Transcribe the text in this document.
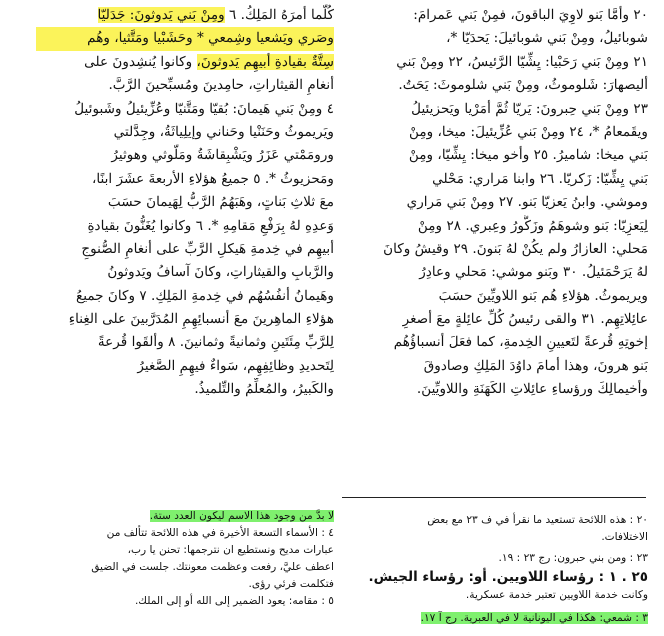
٢٠ وأمَّا بَنو لاوِيَ الباقونَ، فمِنْ بَني عَمرامَ:
شوبائيلُ، ومِنْ بَني شوبائيلَ: يَحدَيّا *،
٢١ ومِنْ بَني رَحَبْيا: يِشِّيّا الرَّئيسُ، ٢٢ ومِنْ بَني
أليصهارَ: شَلوموثُ، ومِنْ بَني شلوموثَ: يَحَتُ.
٢٣ ومِنْ بَني حِبرونَ: يَريّا ثُمَّ أمَرْيا ويَحزيئيلُ
ويقَمعامُ *، ٢٤ ومِنْ بَني عُزِّيئيلَ: ميخا، ومِنْ
بَني ميخا: شاميرُ. ٢٥ وأخو ميخا: يِشِّيّا، ومِنْ
بَني يِشِّيّا: زَكريّا. ٢٦ وابنا مَراري: مَحْلي
وموشي. وابنُ يَعزيّا بَنو. ٢٧ ومِنْ بَني مَراري
لِيَعزِيّا: بَنو وشوهَمُ وزَكُّورُ وعِبري. ٢٨ ومِنْ
مَحلي: العازارُ ولم يكُنْ لهُ بَنونَ. ٢٩ وقيشُ وكانَ
لهُ يَرَحْمَئيلُ. ٣٠ وبَنو موشي: مَحلي وعادِرُ
ويريموثُ. هؤلاءِ هُم بَنو اللاويِّينَ حسَبَ
عائِلاتِهِم. ٣١ والقى رئيسُ كُلِّ عائِلةٍ معَ أصغرِ
إخوتِهِ قُرعةً لتَعيينِ الخِدمةِ، كما فعَلَ أنسباؤُهُم
بَنو هرونَ، وهذا أمامَ داوُدَ المَلِكِ وصادوقَ
وأخيمالِكَ ورؤساءِ عائِلاتِ الكَهَنَةِ واللاويِّينَ.
كُلَّما أمرَهُ المَلِكُ. ٦ ومِنْ بَني يَدوثونَ: جَدَليّا
وصَري ويَشعيا وشِمعي * وحَشَبْيا ومَتَّثيا، وهُم
سِتَّةٌ بقيادةِ أبيهِم يَدوثونَ، وكانوا يُنشِدونَ على
أنغامِ القيثاراتِ، حامِدينَ ومُسبِّحينَ الرَّبَّ.
٤ ومِنْ بَني هَيمانَ: بُقيّا ومَتَّنيّا وعُزِّيئيلُ وشَبوئيلُ
ويَريموثُ وحَنَنْيا وحَناني وإيلِياثَةُ، وجِدَّلتي
ورومَمْتي عَزَرُ ويَشْبِقاشَةُ ومَلّوثي وهوثيرُ
ومَحزيوثُ *. ٥ جميعُ هؤلاءِ الأربعةَ عشَرَ ابنًا،
معَ ثلاثِ بَناتٍ، وهَبَهُمُ الرَّبُّ لِهَيمانَ حسَبَ
وَعدِهِ لهُ بِرَفْعِ مَقامِهِ *. ٦ وكانوا يُغَنُّونَ بقيادةِ
أبيهِم في خِدمةِ هَيكلِ الرَّبِّ على أنغامِ الصُّنوجِ
والرَّبابِ والقيثاراتِ، وكانَ آسافُ ويَدوثونُ
وهَيمانُ أنفُسُهُم في خِدمةِ المَلِكِ. ٧ وكانَ جميعُ
هؤلاءِ الماهِرينَ معَ أنسبائِهِمِ المُدَرَّبينَ على الغِناءِ
لِلرَّبِّ مِئَتَينِ وثمانيةً وثمانينَ. ٨ وألقَوا قُرعةً
لِتَحديدِ وظائِفِهِم، سَواءٌ فيهِمِ الصَّغيرُ
والكَبيرُ، والمُعلِّمُ والتِّلميذُ.
٢٠ : هذه اللائحة تستعيد ما نقرأ في ف ٢٣ مع بعض
الاختلافات.
٢٣ : ومن بني حبرون: رج ٢٣ : ١٩.
٢٥ . ١ : رؤساء اللاويين. أو: رؤساء الجيش.
وكانت خدمة اللاويين تعتبر خدمة عسكرية.
٣ : شمعي: هكذا في اليونانية لا في العبرية. رج آ ١٧.
لا بدَّ من وجود هذا الاسم ليكون العدد ستة.
٤ : الأسماء التسعة الأخيرة في هذه اللائحة تتألف من
عبارات مديح ونستطيع ان نترجمها: تحنن يا رب،
اعطف عليَّ، رفعت وعظمت معونتك. جلست في الضيق
فتكلمت فرئي رؤى.
٥ : مقامه: يعود الضمير إلى الله أو إلى الملك.
